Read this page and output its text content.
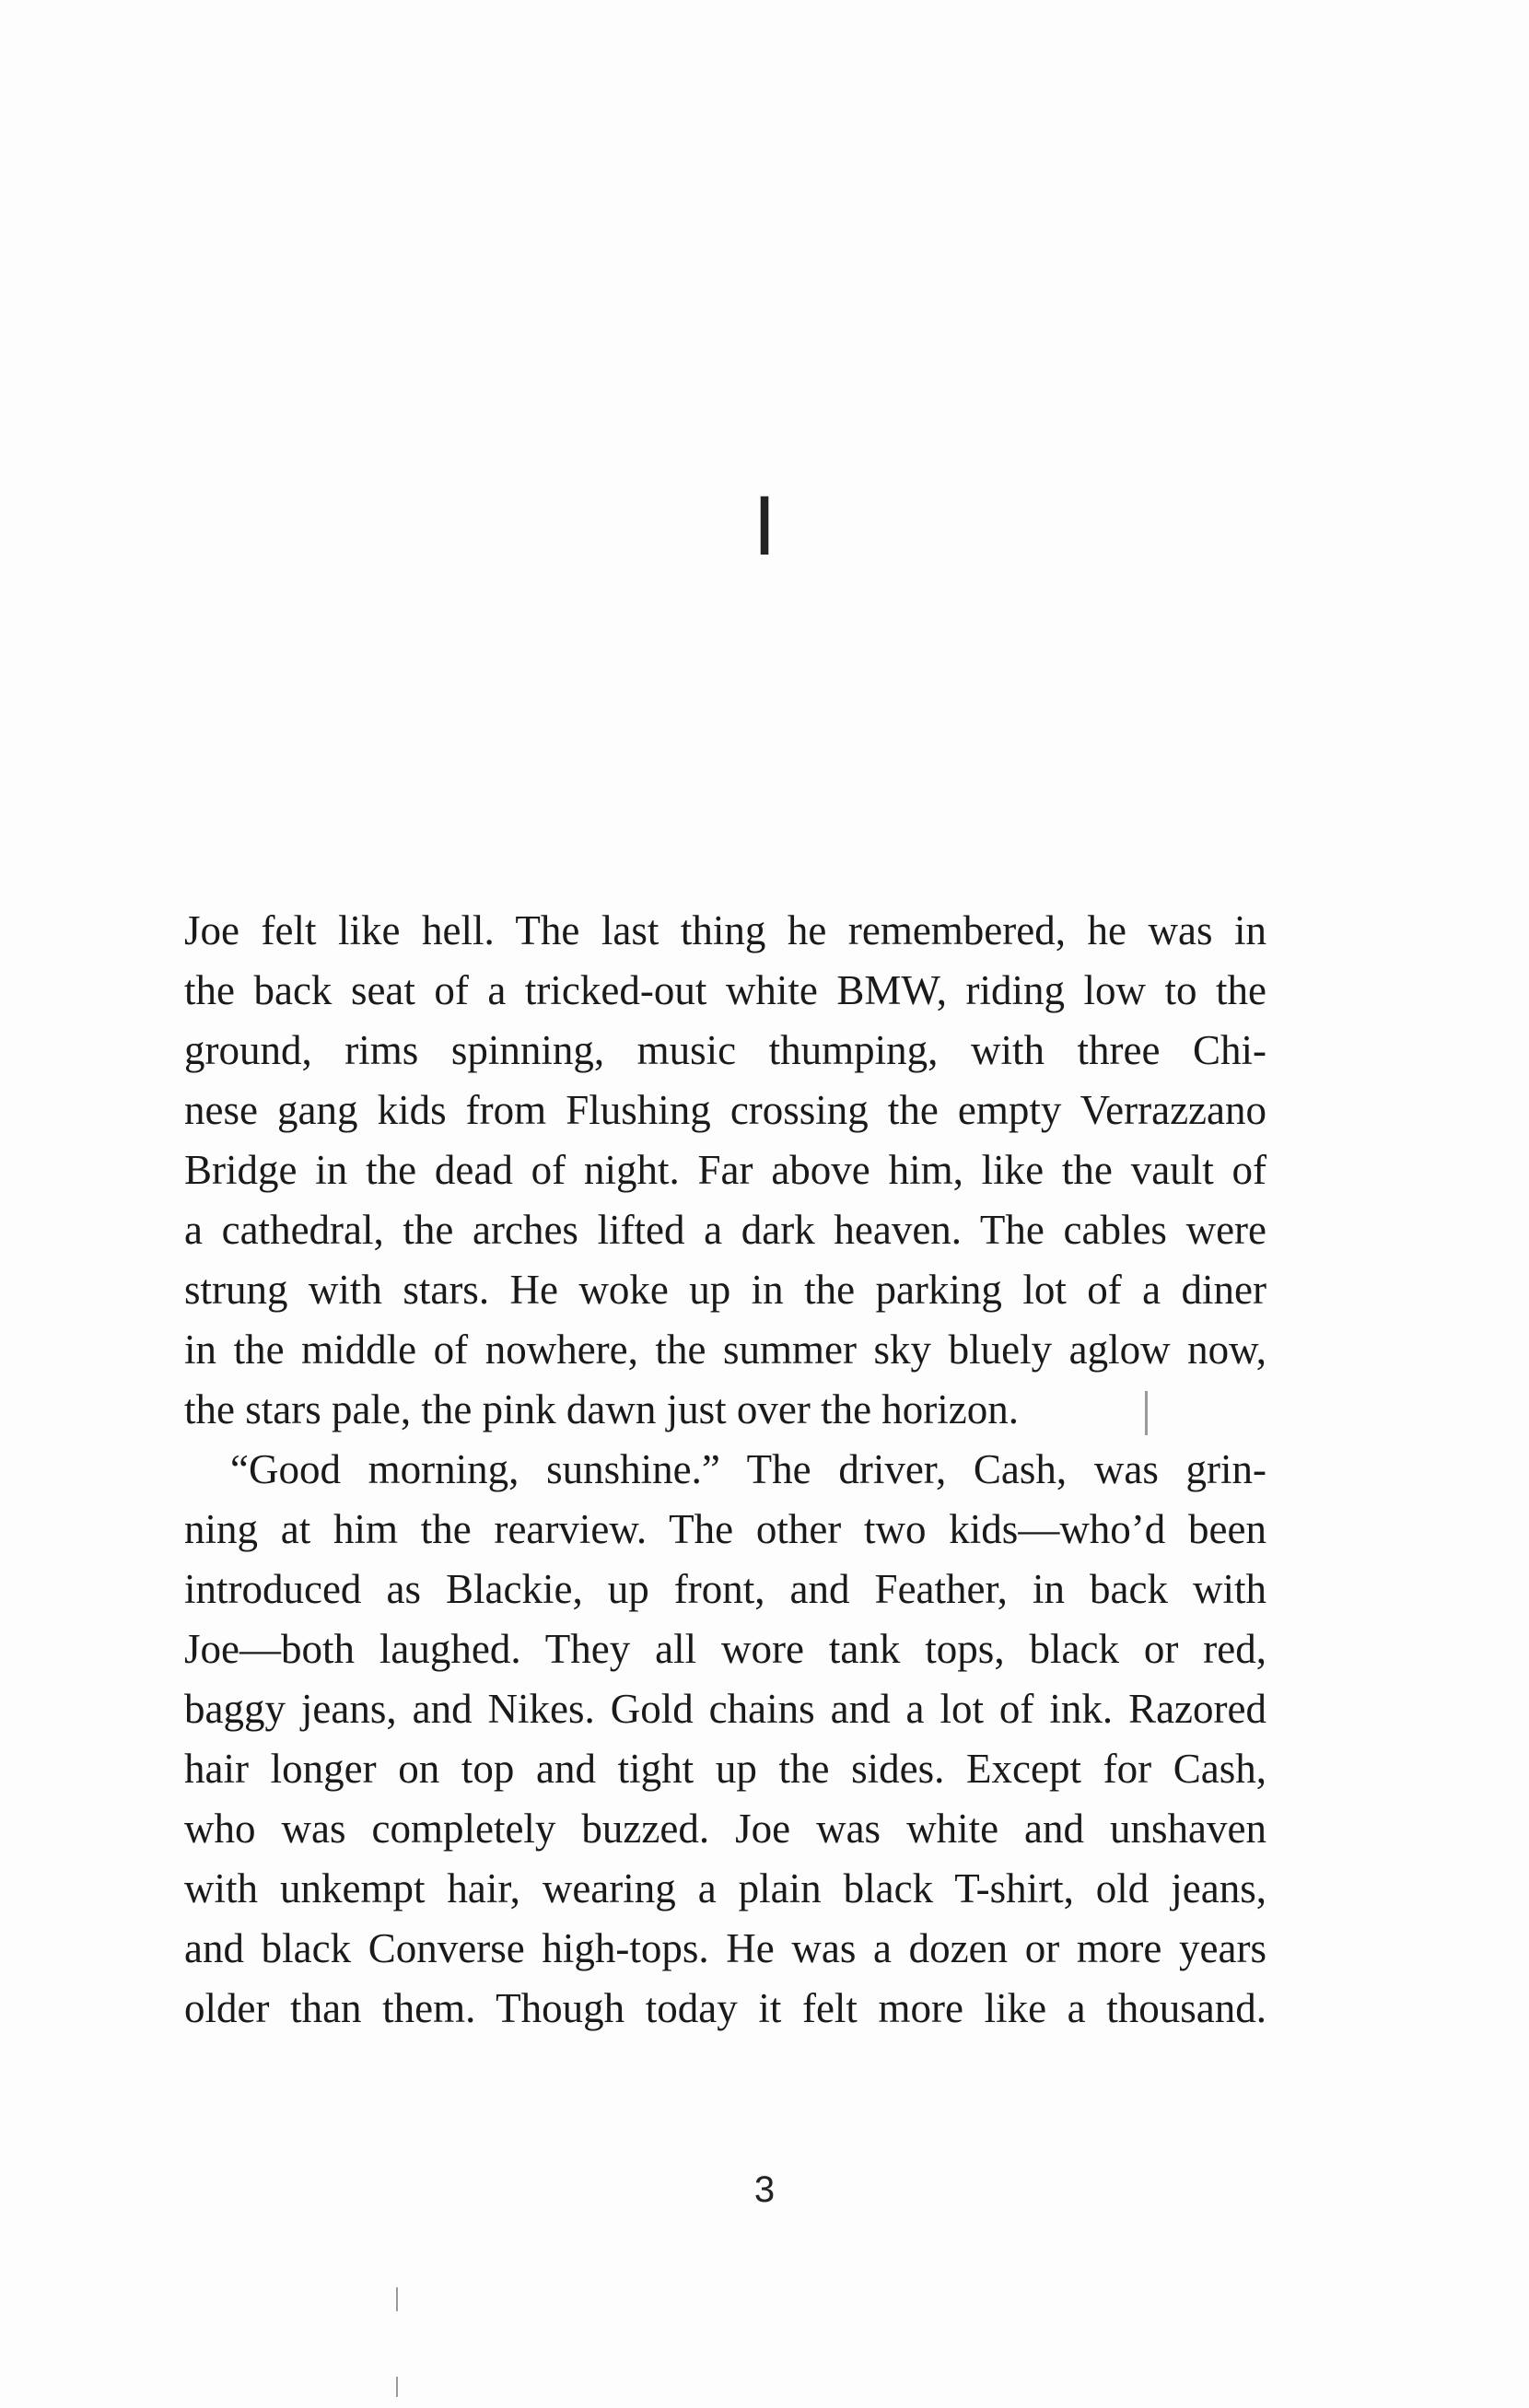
I
Joe felt like hell. The last thing he remembered, he was in
the back seat of a tricked-out white BMW, riding low to the
ground, rims spinning, music thumping, with three Chi-
nese gang kids from Flushing crossing the empty Verrazzano
Bridge in the dead of night. Far above him, like the vault of
a cathedral, the arches lifted a dark heaven. The cables were
strung with stars. He woke up in the parking lot of a diner
in the middle of nowhere, the summer sky bluely aglow now,
the stars pale, the pink dawn just over the horizon.
“Good morning, sunshine.” The driver, Cash, was grin-
ning at him the rearview. The other two kids—who’d been
introduced as Blackie, up front, and Feather, in back with
Joe—both laughed. They all wore tank tops, black or red,
baggy jeans, and Nikes. Gold chains and a lot of ink. Razored
hair longer on top and tight up the sides. Except for Cash,
who was completely buzzed. Joe was white and unshaven
with unkempt hair, wearing a plain black T-shirt, old jeans,
and black Converse high-tops. He was a dozen or more years
older than them. Though today it felt more like a thousand.
3
